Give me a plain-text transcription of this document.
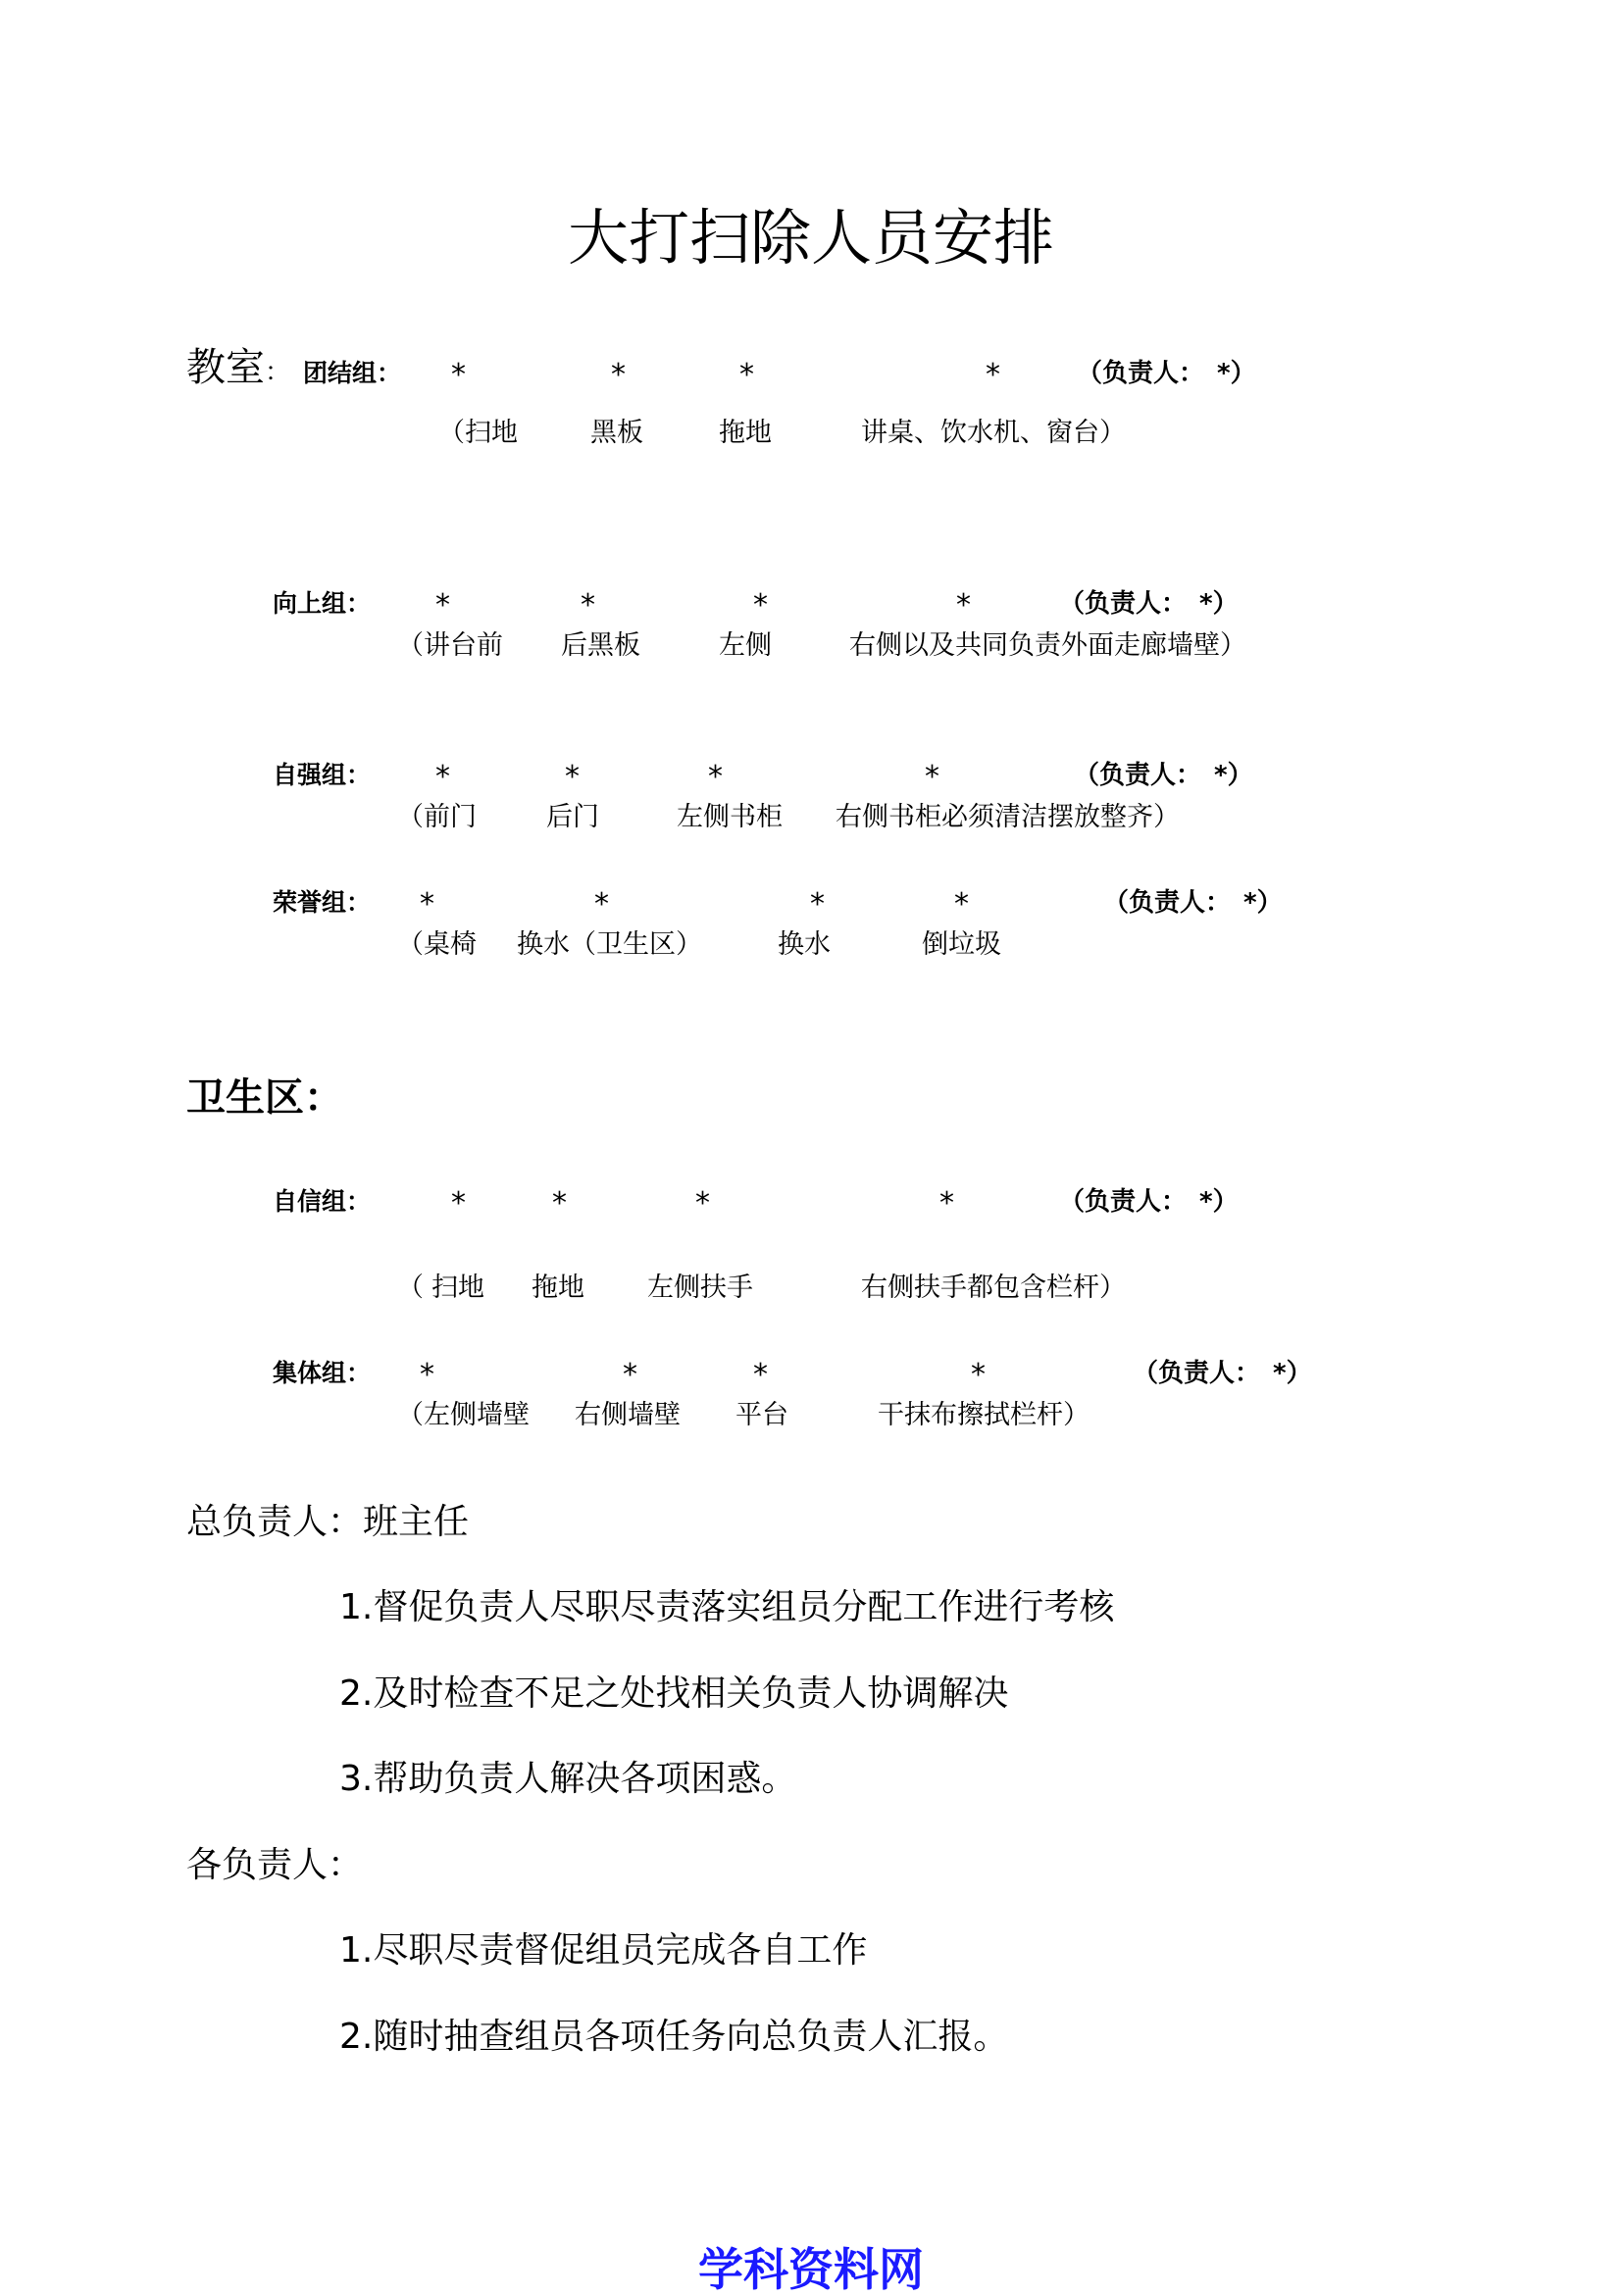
大打扫除人员安排
教室： 团结组： *	*	*	*	（负责人：　*）
（扫地	黑板	拖地	讲桌、饮水机、窗台）
向上组： *	*	*	*	（负责人：　*）
（讲台前 后黑板	左侧	右侧以及共同负责外面走廊墙壁）
自强组： *	*	*	*	（负责人：　*）
（前门	后门	左侧书柜 右侧书柜必须清洁摆放整齐）
荣誉组： *	*	*	*	（负责人：　*）
（桌椅 换水（卫生区）	换水	倒垃圾
卫生区：
自信组：	*	*	*	*	（负责人：　*）
（ 扫地 拖地 左侧扶手	右侧扶手都包含栏杆）
集体组： *	*	*	*	（负责人：　*）
（左侧墙壁 右侧墙壁 平台	干抹布擦拭栏杆）
总负责人：班主任
1.督促负责人尽职尽责落实组员分配工作进行考核
2.及时检查不足之处找相关负责人协调解决
3.帮助负责人解决各项困惑。
各负责人：
1.尽职尽责督促组员完成各自工作
2.随时抽查组员各项任务向总负责人汇报。
学科资料网
